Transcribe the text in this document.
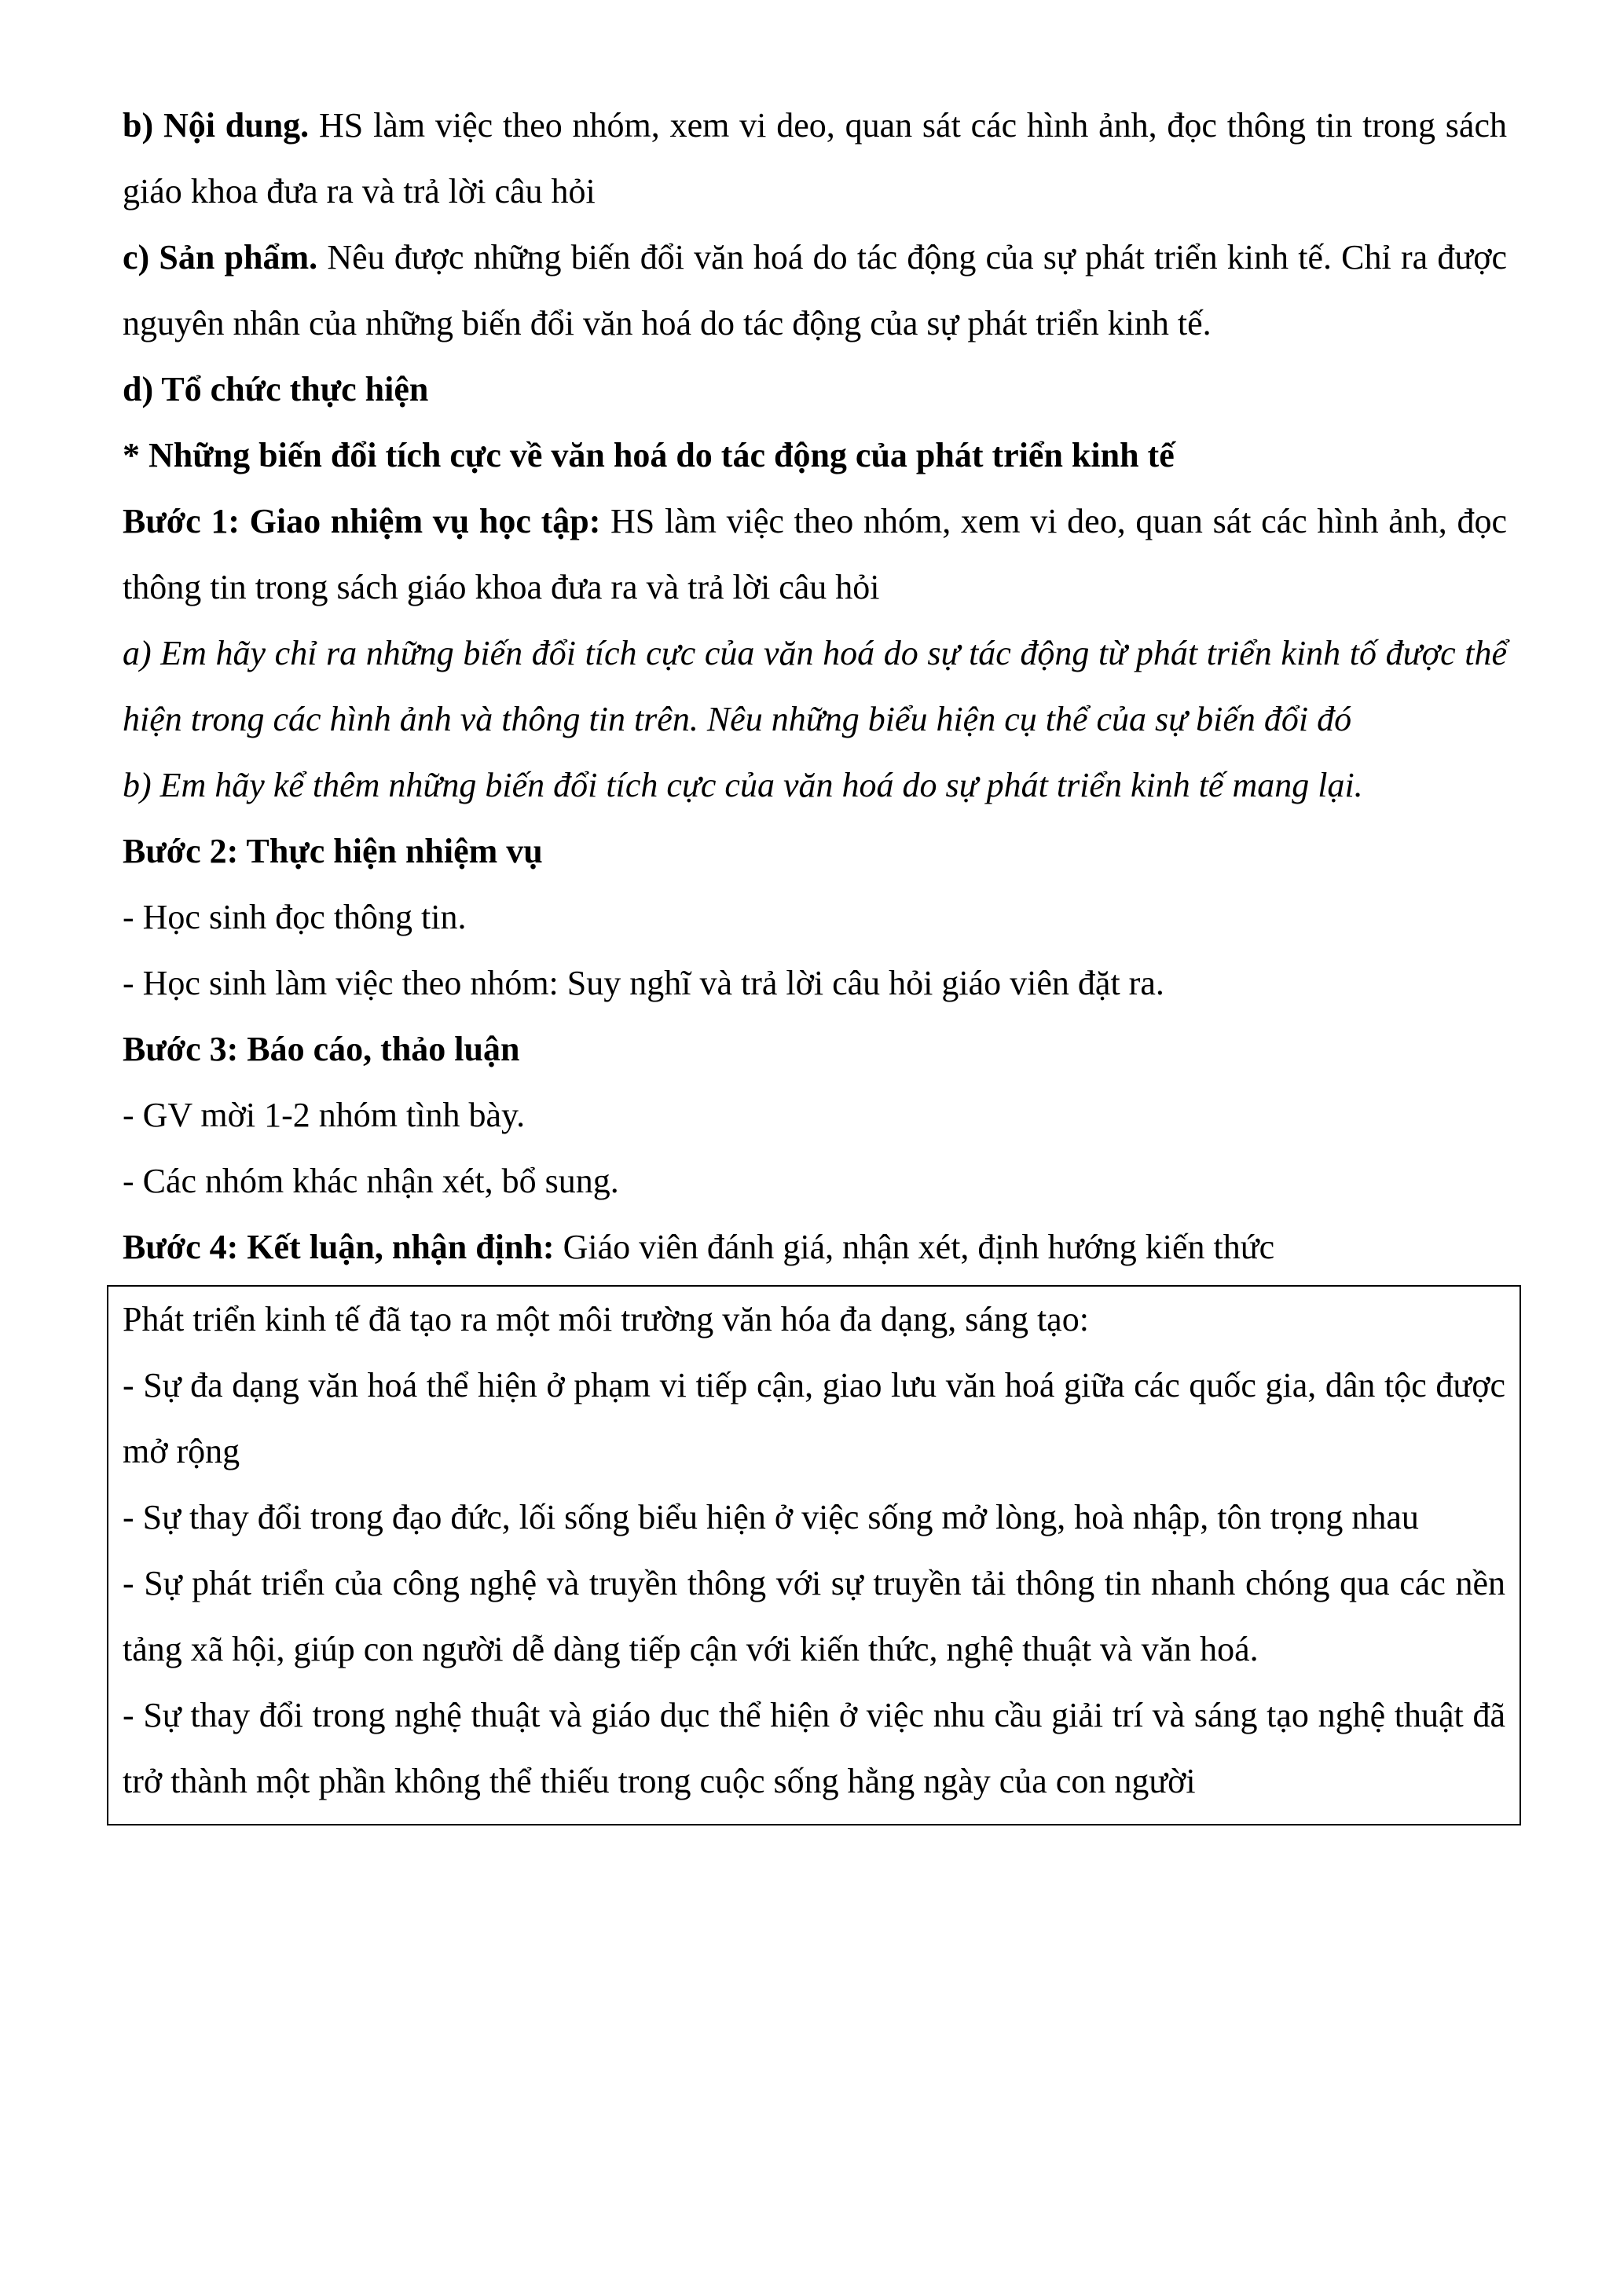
b) Nội dung. HS làm việc theo nhóm, xem vi deo, quan sát các hình ảnh, đọc thông tin trong sách giáo khoa đưa ra và trả lời câu hỏi

c) Sản phẩm. Nêu được những biến đổi văn hoá do tác động của sự phát triển kinh tế. Chỉ ra được nguyên nhân của những biến đổi văn hoá do tác động của sự phát triển kinh tế.

d) Tổ chức thực hiện

* Những biến đổi tích cực về văn hoá do tác động của phát triển kinh tế

Bước 1: Giao nhiệm vụ học tập: HS làm việc theo nhóm, xem vi deo, quan sát các hình ảnh, đọc thông tin trong sách giáo khoa đưa ra và trả lời câu hỏi

a) Em hãy chỉ ra những biến đổi tích cực của văn hoá do sự tác động từ phát triển kinh tố được thể hiện trong các hình ảnh và thông tin trên. Nêu những biểu hiện cụ thể của sự biến đổi đó

b) Em hãy kể thêm những biến đổi tích cực của văn hoá do sự phát triển kinh tế mang lại.

Bước 2: Thực hiện nhiệm vụ

- Học sinh đọc thông tin.

- Học sinh làm việc theo nhóm: Suy nghĩ và trả lời câu hỏi giáo viên đặt ra.

Bước 3: Báo cáo, thảo luận

- GV mời 1-2 nhóm tình bày.

- Các nhóm khác nhận xét, bổ sung.

Bước 4: Kết luận, nhận định: Giáo viên đánh giá, nhận xét, định hướng kiến thức

Phát triển kinh tế đã tạo ra một môi trường văn hóa đa dạng, sáng tạo:

- Sự đa dạng văn hoá thể hiện ở phạm vi tiếp cận, giao lưu văn hoá giữa các quốc gia, dân tộc được mở rộng

- Sự thay đổi trong đạo đức, lối sống biểu hiện ở việc sống mở lòng, hoà nhập, tôn trọng nhau

- Sự phát triển của công nghệ và truyền thông với sự truyền tải thông tin nhanh chóng qua các nền tảng xã hội, giúp con người dễ dàng tiếp cận với kiến thức, nghệ thuật và văn hoá.

- Sự thay đổi trong nghệ thuật và giáo dục thể hiện ở việc nhu cầu giải trí và sáng tạo nghệ thuật đã trở thành một phần không thể thiếu trong cuộc sống hằng ngày của con người
